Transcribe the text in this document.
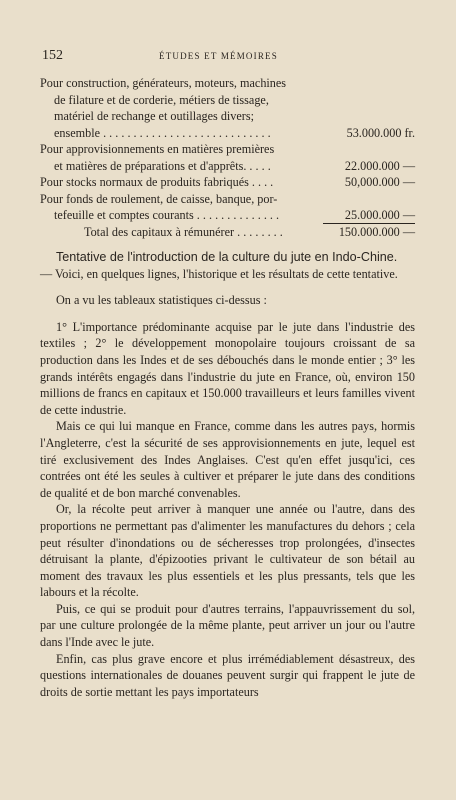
152	ÉTUDES ET MÉMOIRES
Pour construction, générateurs, moteurs, machines
de filature et de corderie, métiers de tissage,
matériel de rechange et outillages divers;
ensemble . . . . . . . . . . . . . . . . . . . . . . . . . . . .	53.000.000 fr.
Pour approvisionnements en matières premières
et matières de préparations et d'apprêts. . . . .	22.000.000 —
Pour stocks normaux de produits fabriqués . . . .	50,000.000 —
Pour fonds de roulement, de caisse, banque, por-
tefeuille et comptes courants . . . . . . . . . . . . . .	25.000.000 —
Total des capitaux à rémunérer . . . . . . . .	150.000.000 —

Tentative de l'introduction de la culture du jute en Indo-Chine.

— Voici, en quelques lignes, l'historique et les résultats de cette tentative.

On a vu les tableaux statistiques ci-dessus :

1° L'importance prédominante acquise par le jute dans l'industrie des textiles ; 2° le développement monopolaire toujours croissant de sa production dans les Indes et de ses débouchés dans le monde entier ; 3° les grands intérêts engagés dans l'industrie du jute en France, où, environ 150 millions de francs en capitaux et 150.000 travailleurs et leurs familles vivent de cette industrie.

Mais ce qui lui manque en France, comme dans les autres pays, hormis l'Angleterre, c'est la sécurité de ses approvisionnements en jute, lequel est tiré exclusivement des Indes Anglaises. C'est qu'en effet jusqu'ici, ces contrées ont été les seules à cultiver et préparer le jute dans des conditions de qualité et de bon marché convenables.

Or, la récolte peut arriver à manquer une année ou l'autre, dans des proportions ne permettant pas d'alimenter les manufactures du dehors ; cela peut résulter d'inondations ou de sécheresses trop prolongées, d'insectes détruisant la plante, d'épizooties privant le cultivateur de son bétail au moment des travaux les plus essentiels et les plus pressants, tels que les labours et la récolte.

Puis, ce qui se produit pour d'autres terrains, l'appauvrissement du sol, par une culture prolongée de la même plante, peut arriver un jour ou l'autre dans l'Inde avec le jute.

Enfin, cas plus grave encore et plus irrémédiablement désastreux, des questions internationales de douanes peuvent surgir qui frappent le jute de droits de sortie mettant les pays importateurs
